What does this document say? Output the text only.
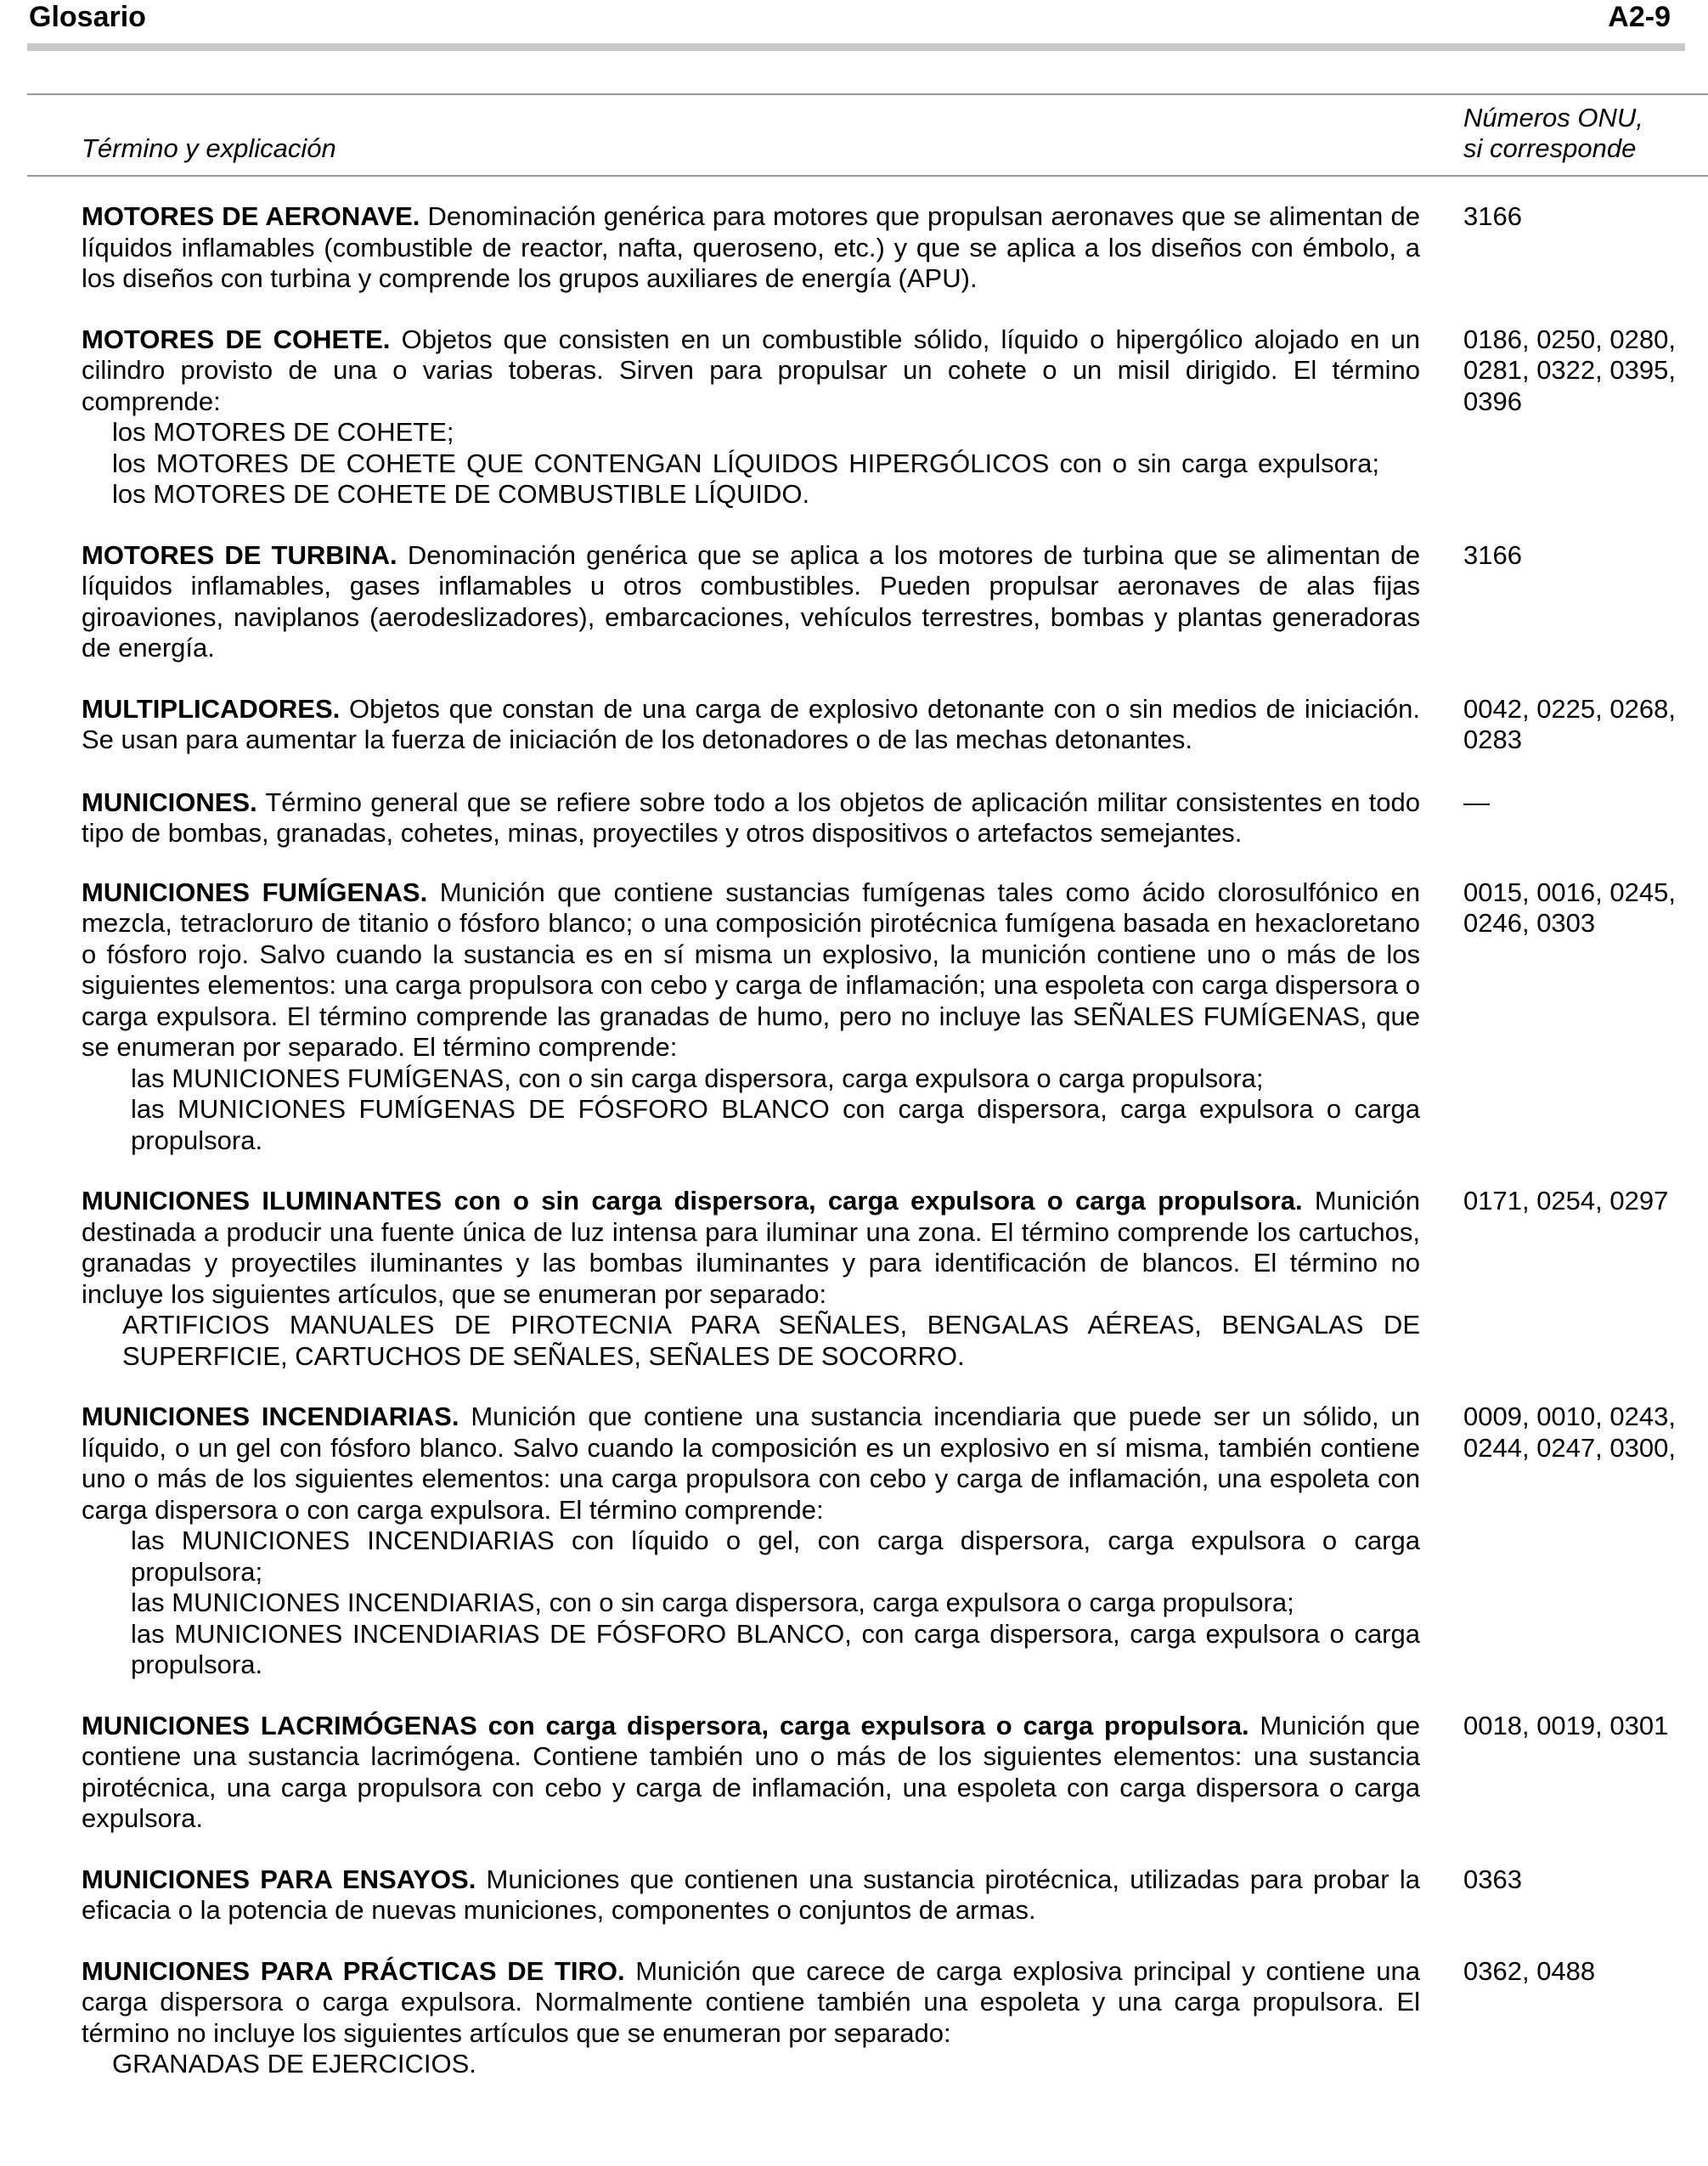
Glosario	A2-9
Término y explicación
Números ONU,
si corresponde
MOTORES DE AERONAVE. Denominación genérica para motores que propulsan aeronaves que se alimentan de líquidos inflamables (combustible de reactor, nafta, queroseno, etc.) y que se aplica a los diseños con émbolo, a los diseños con turbina y comprende los grupos auxiliares de energía (APU).
3166
MOTORES DE COHETE. Objetos que consisten en un combustible sólido, líquido o hipergólico alojado en un cilindro provisto de una o varias toberas. Sirven para propulsar un cohete o un misil dirigido. El término comprende:
los MOTORES DE COHETE;
los MOTORES DE COHETE QUE CONTENGAN LÍQUIDOS HIPERGÓLICOS con o sin carga expulsora; los MOTORES DE COHETE DE COMBUSTIBLE LÍQUIDO.
0186, 0250, 0280, 0281, 0322, 0395, 0396
MOTORES DE TURBINA. Denominación genérica que se aplica a los motores de turbina que se alimentan de líquidos inflamables, gases inflamables u otros combustibles. Pueden propulsar aeronaves de alas fijas giroaviones, naviplanos (aerodeslizadores), embarcaciones, vehículos terrestres, bombas y plantas generadoras de energía.
3166
MULTIPLICADORES. Objetos que constan de una carga de explosivo detonante con o sin medios de iniciación. Se usan para aumentar la fuerza de iniciación de los detonadores o de las mechas detonantes.
0042, 0225, 0268, 0283
MUNICIONES. Término general que se refiere sobre todo a los objetos de aplicación militar consistentes en todo tipo de bombas, granadas, cohetes, minas, proyectiles y otros dispositivos o artefactos semejantes.
—
MUNICIONES FUMÍGENAS. Munición que contiene sustancias fumígenas tales como ácido clorosulfónico en mezcla, tetracloruro de titanio o fósforo blanco; o una composición pirotécnica fumígena basada en hexacloretano o fósforo rojo. Salvo cuando la sustancia es en sí misma un explosivo, la munición contiene uno o más de los siguientes elementos: una carga propulsora con cebo y carga de inflamación; una espoleta con carga dispersora o carga expulsora. El término comprende las granadas de humo, pero no incluye las SEÑALES FUMÍGENAS, que se enumeran por separado. El término comprende:
las MUNICIONES FUMÍGENAS, con o sin carga dispersora, carga expulsora o carga propulsora;
las MUNICIONES FUMÍGENAS DE FÓSFORO BLANCO con carga dispersora, carga expulsora o carga propulsora.
0015, 0016, 0245, 0246, 0303
MUNICIONES ILUMINANTES con o sin carga dispersora, carga expulsora o carga propulsora. Munición destinada a producir una fuente única de luz intensa para iluminar una zona. El término comprende los cartuchos, granadas y proyectiles iluminantes y las bombas iluminantes y para identificación de blancos. El término no incluye los siguientes artículos, que se enumeran por separado:
ARTIFICIOS MANUALES DE PIROTECNIA PARA SEÑALES, BENGALAS AÉREAS, BENGALAS DE SUPERFICIE, CARTUCHOS DE SEÑALES, SEÑALES DE SOCORRO.
0171, 0254, 0297
MUNICIONES INCENDIARIAS. Munición que contiene una sustancia incendiaria que puede ser un sólido, un líquido, o un gel con fósforo blanco. Salvo cuando la composición es un explosivo en sí misma, también contiene uno o más de los siguientes elementos: una carga propulsora con cebo y carga de inflamación, una espoleta con carga dispersora o con carga expulsora. El término comprende:
las MUNICIONES INCENDIARIAS con líquido o gel, con carga dispersora, carga expulsora o carga propulsora;
las MUNICIONES INCENDIARIAS, con o sin carga dispersora, carga expulsora o carga propulsora;
las MUNICIONES INCENDIARIAS DE FÓSFORO BLANCO, con carga dispersora, carga expulsora o carga propulsora.
0009, 0010, 0243, 0244, 0247, 0300,
MUNICIONES LACRIMÓGENAS con carga dispersora, carga expulsora o carga propulsora. Munición que contiene una sustancia lacrimógena. Contiene también uno o más de los siguientes elementos: una sustancia pirotécnica, una carga propulsora con cebo y carga de inflamación, una espoleta con carga dispersora o carga expulsora.
0018, 0019, 0301
MUNICIONES PARA ENSAYOS. Municiones que contienen una sustancia pirotécnica, utilizadas para probar la eficacia o la potencia de nuevas municiones, componentes o conjuntos de armas.
0363
MUNICIONES PARA PRÁCTICAS DE TIRO. Munición que carece de carga explosiva principal y contiene una carga dispersora o carga expulsora. Normalmente contiene también una espoleta y una carga propulsora. El término no incluye los siguientes artículos que se enumeran por separado:
GRANADAS DE EJERCICIOS.
0362, 0488
